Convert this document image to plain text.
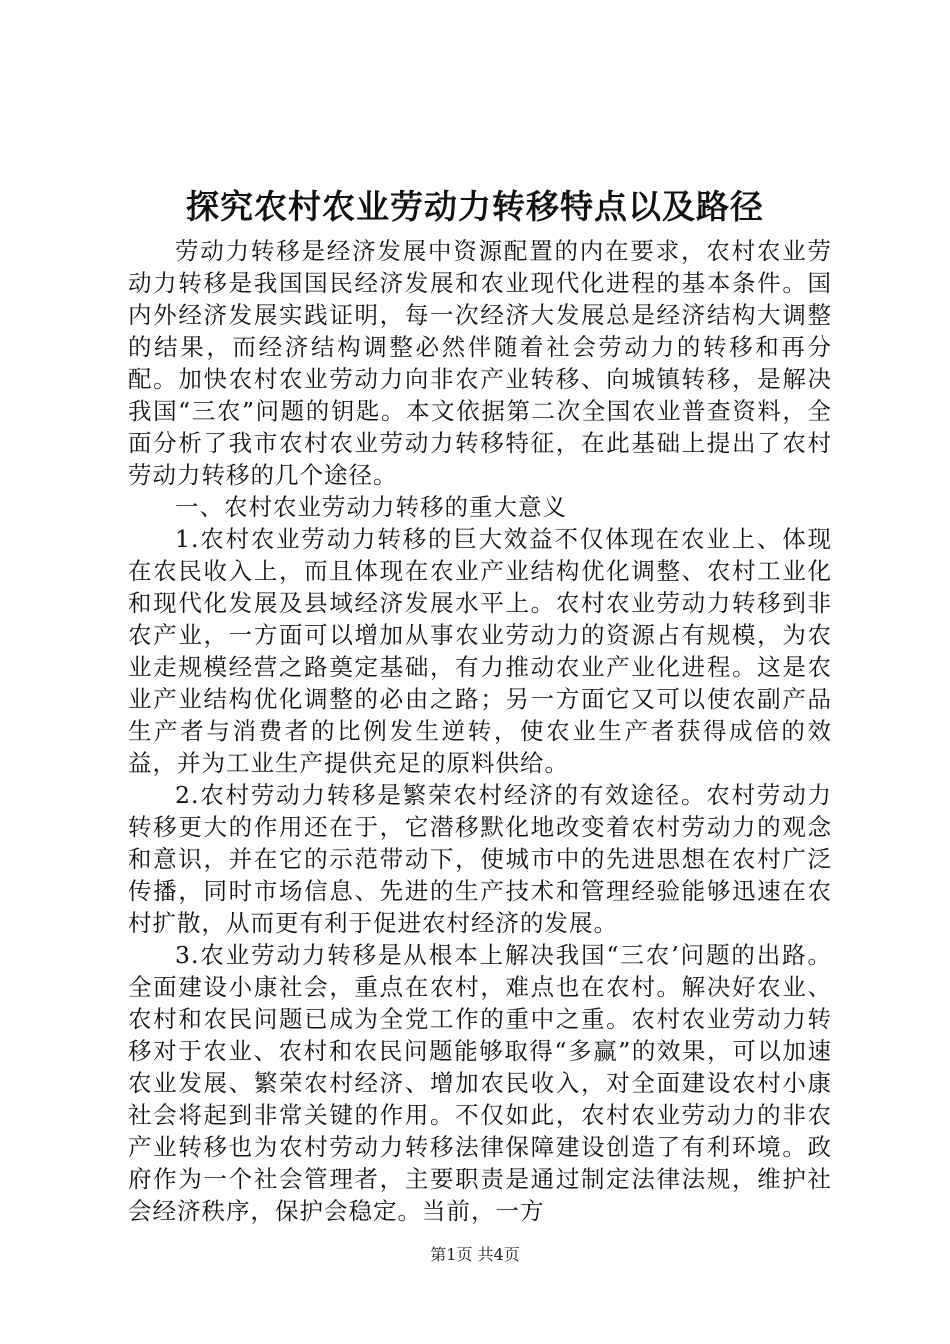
探究农村农业劳动力转移特点以及路径

劳动力转移是经济发展中资源配置的内在要求，农村农业劳动力转移是我国国民经济发展和农业现代化进程的基本条件。国内外经济发展实践证明，每一次经济大发展总是经济结构大调整的结果，而经济结构调整必然伴随着社会劳动力的转移和再分配。加快农村农业劳动力向非农产业转移、向城镇转移，是解决我国“三农”问题的钥匙。本文依据第二次全国农业普查资料，全面分析了我市农村农业劳动力转移特征，在此基础上提出了农村劳动力转移的几个途径。

一、农村农业劳动力转移的重大意义

1.农村农业劳动力转移的巨大效益不仅体现在农业上、体现在农民收入上，而且体现在农业产业结构优化调整、农村工业化和现代化发展及县域经济发展水平上。农村农业劳动力转移到非农产业，一方面可以增加从事农业劳动力的资源占有规模，为农业走规模经营之路奠定基础，有力推动农业产业化进程。这是农业产业结构优化调整的必由之路；另一方面它又可以使农副产品生产者与消费者的比例发生逆转，使农业生产者获得成倍的效益，并为工业生产提供充足的原料供给。

2.农村劳动力转移是繁荣农村经济的有效途径。农村劳动力转移更大的作用还在于，它潜移默化地改变着农村劳动力的观念和意识，并在它的示范带动下，使城市中的先进思想在农村广泛传播，同时市场信息、先进的生产技术和管理经验能够迅速在农村扩散，从而更有利于促进农村经济的发展。

3.农业劳动力转移是从根本上解决我国“三农’问题的出路。全面建设小康社会，重点在农村，难点也在农村。解决好农业、农村和农民问题已成为全党工作的重中之重。农村农业劳动力转移对于农业、农村和农民问题能够取得“多赢”的效果，可以加速农业发展、繁荣农村经济、增加农民收入，对全面建设农村小康社会将起到非常关键的作用。不仅如此，农村农业劳动力的非农产业转移也为农村劳动力转移法律保障建设创造了有利环境。政府作为一个社会管理者，主要职责是通过制定法律法规，维护社会经济秩序，保护会稳定。当前，一方

第1页 共4页
